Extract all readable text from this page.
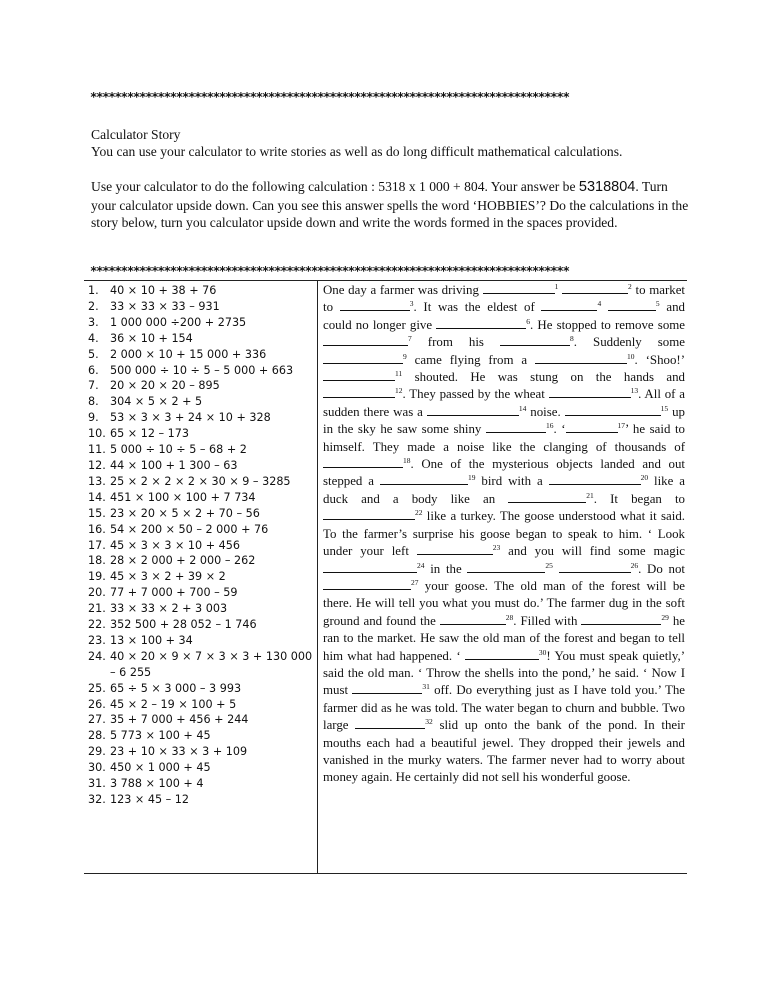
******************************************************************************
Calculator Story
You can use your calculator to write stories as well as do long difficult mathematical calculations.
Use your calculator to do the following calculation : 5318 x 1 000 + 804. Your answer be 5318804. Turn your calculator upside down. Can you see this answer spells the word ‘HOBBIES’? Do the calculations in the story below, turn you calculator upside down and write the words formed in the spaces provided.
******************************************************************************
1.	40 × 10 + 38 + 76
2.	33 × 33 × 33 – 931
3.	1 000 000 ÷200 + 2735
4.	36 × 10 + 154
5.	2 000 × 10 + 15 000 + 336
6.	500 000 ÷ 10 ÷ 5 – 5 000 + 663
7.	20 × 20 × 20 – 895
8.	304 × 5 × 2 + 5
9.	53 × 3 × 3 + 24 × 10 + 328
10. 65 × 12 – 173
11. 5 000 ÷ 10 ÷ 5 – 68 + 2
12. 44 × 100 + 1 300 – 63
13. 25 × 2 × 2 × 2 × 30 × 9 – 3285
14. 451 × 100 × 100 + 7 734
15. 23 × 20 × 5 × 2 + 70 – 56
16. 54 × 200 × 50 – 2 000 + 76
17. 45 × 3 × 3 × 10 + 456
18. 28 × 2 000 + 2 000 – 262
19. 45 × 3 × 2 + 39 × 2
20. 77 + 7 000 + 700 – 59
21. 33 × 33 × 2 + 3 003
22. 352 500 + 28 052 – 1 746
23. 13 × 100 + 34
24. 40 × 20 × 9 × 7 × 3 × 3 + 130 000 – 6 255
25. 65 ÷ 5 × 3 000 – 3 993
26. 45 × 2 – 19 × 100 + 5
27. 35 + 7 000 + 456 + 244
28. 5 773 × 100 + 45
29. 23 + 10 × 33 × 3 + 109
30. 450 × 1 000 + 45
31. 3 788 × 100 + 4
32. 123 × 45 – 12
One day a farmer was driving	$^1$	$^2$ to market to	$^3$. It was the eldest of	$^4$	$^5$ and could no longer give	$^6$. He stopped to remove some $^7$ from his	$^8$. Suddenly some $^9$ came flying from a	$^{10}$. ‘Shoo!’ $^{11}$ shouted. He was stung on the hands and $^{12}$. They passed by the wheat	$^{13}$. All of a sudden there was a	$^{14}$ noise.	$^{15}$ up in the sky he saw some shiny	$^{16}$. ‘	$^{17}$’ he said to himself. They made a noise like the clanging of thousands of $^{18}$. One of the mysterious objects landed and out stepped a	$^{19}$ bird with a	$^{20}$ like a duck and a body like an	$^{21}$. It began to $^{22}$ like a turkey. The goose understood what it said. To the farmer’s surprise his goose began to speak to him. ‘ Look under your left	$^{23}$ and you will find some magic $^{24}$ in the	$^{25}$	$^{26}$. Do not $^{27}$ your goose. The old man of the forest will be there. He will tell you what you must do.’ The farmer dug in the soft ground and found the	$^{28}$. Filled with	$^{29}$ he ran to the market. He saw the old man of the forest and began to tell him what had happened. ‘	$^{30}$! You must speak quietly,’ said the old man. ‘ Throw the shells into the pond,’ he said. ‘ Now I must	$^{31}$ off. Do everything just as I have told you.’ The farmer did as he was told. The water began to churn and bubble. Two large	$^{32}$ slid up onto the bank of the pond. In their mouths each had a beautiful jewel. They dropped their jewels and vanished in the murky waters. The farmer never had to worry about money again. He certainly did not sell his wonderful goose.
